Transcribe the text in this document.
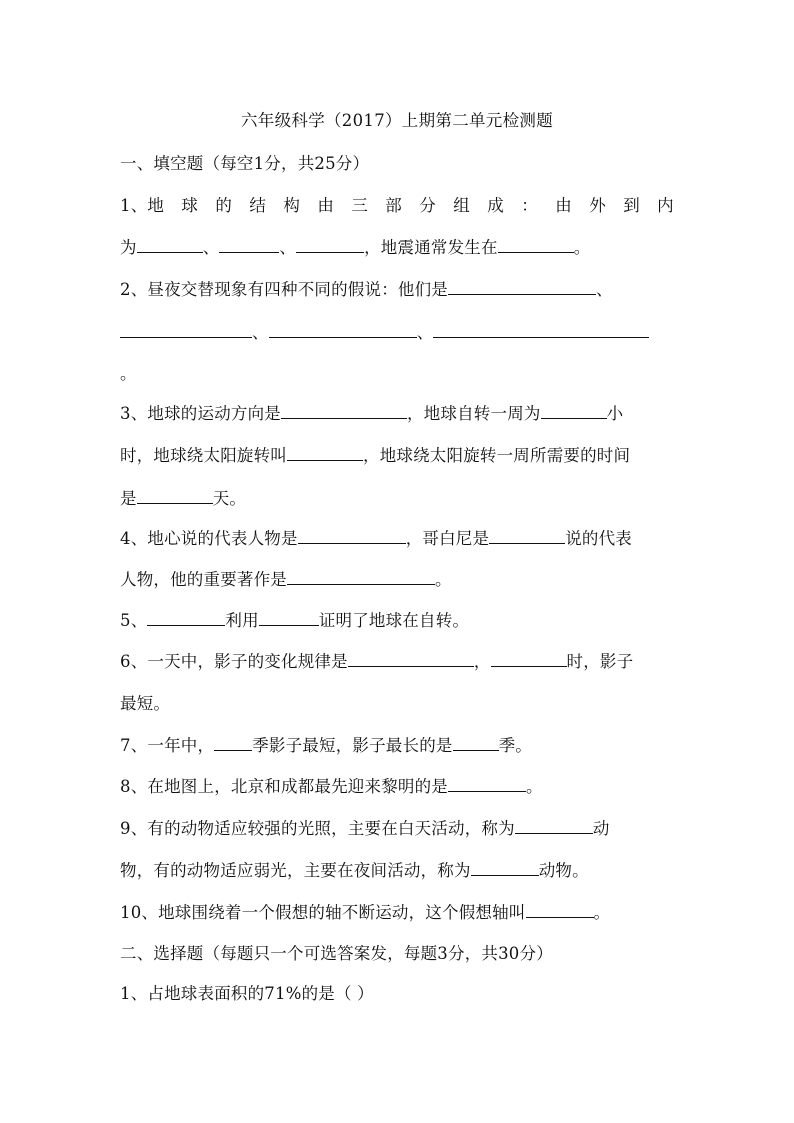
六年级科学（2017）上期第二单元检测题
一、填空题（每空1分，共25分）
1、地 球 的 结 构 由 三 部 分 组 成 ： 由 外 到 内
为	、	、	，地震通常发生在	。
2、昼夜交替现象有四种不同的假说：他们是	、
、	、
。
3、地球的运动方向是	，地球自转一周为	小
时，地球绕太阳旋转叫	，地球绕太阳旋转一周所需要的时间
是	天。
4、地心说的代表人物是	，哥白尼是	说的代表
人物，他的重要著作是	。
5、	利用	证明了地球在自转。
6、一天中，影子的变化规律是	，	时，影子
最短。
7、一年中， 季影子最短，影子最长的是	季。
8、在地图上，北京和成都最先迎来黎明的是	。
9、有的动物适应较强的光照，主要在白天活动，称为	动
物，有的动物适应弱光，主要在夜间活动，称为	动物。
10、地球围绕着一个假想的轴不断运动，这个假想轴叫	。
二、选择题（每题只一个可选答案发，每题3分，共30分）
1、占地球表面积的71%的是（ ）
